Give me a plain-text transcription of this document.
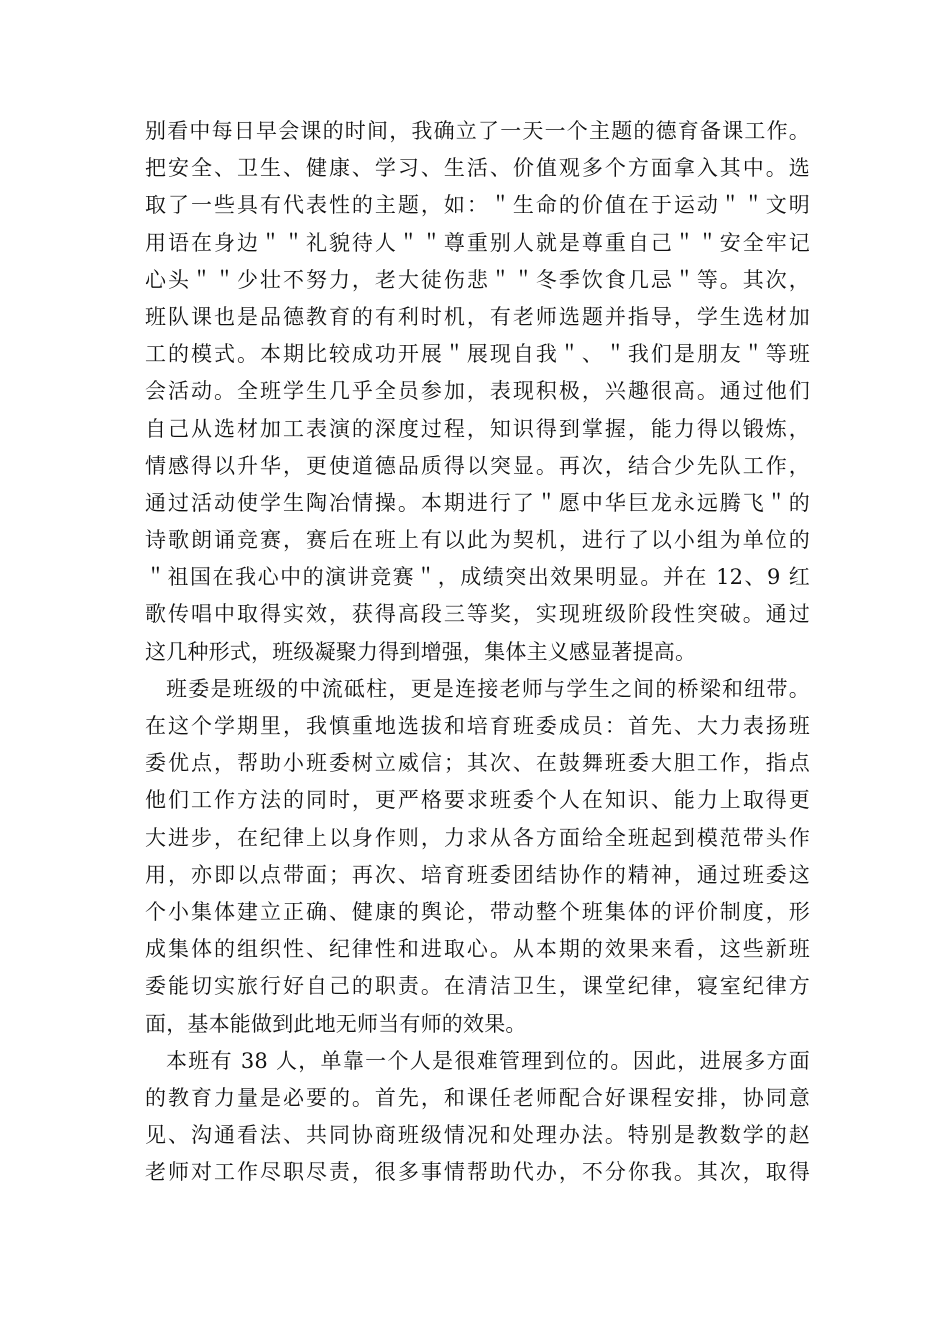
别看中每日早会课的时间，我确立了一天一个主题的德育备课工作。
把安全、卫生、健康、学习、生活、价值观多个方面拿入其中。选
取了一些具有代表性的主题，如：＂生命的价值在于运动＂＂文明
用语在身边＂＂礼貌待人＂＂尊重别人就是尊重自己＂＂安全牢记
心头＂＂少壮不努力，老大徒伤悲＂＂冬季饮食几忌＂等。其次，
班队课也是品德教育的有利时机，有老师选题并指导，学生选材加
工的模式。本期比较成功开展＂展现自我＂、＂我们是朋友＂等班
会活动。全班学生几乎全员参加，表现积极，兴趣很高。通过他们
自己从选材加工表演的深度过程，知识得到掌握，能力得以锻炼，
情感得以升华，更使道德品质得以突显。再次，结合少先队工作，
通过活动使学生陶冶情操。本期进行了＂愿中华巨龙永远腾飞＂的
诗歌朗诵竞赛，赛后在班上有以此为契机，进行了以小组为单位的
＂祖国在我心中的演讲竞赛＂，成绩突出效果明显。并在 12、9 红
歌传唱中取得实效，获得高段三等奖，实现班级阶段性突破。通过
这几种形式，班级凝聚力得到增强，集体主义感显著提高。
班委是班级的中流砥柱，更是连接老师与学生之间的桥梁和纽带。
在这个学期里，我慎重地选拔和培育班委成员：首先、大力表扬班
委优点，帮助小班委树立威信；其次、在鼓舞班委大胆工作，指点
他们工作方法的同时，更严格要求班委个人在知识、能力上取得更
大进步，在纪律上以身作则，力求从各方面给全班起到模范带头作
用，亦即以点带面；再次、培育班委团结协作的精神，通过班委这
个小集体建立正确、健康的舆论，带动整个班集体的评价制度，形
成集体的组织性、纪律性和进取心。从本期的效果来看，这些新班
委能切实旅行好自己的职责。在清洁卫生，课堂纪律，寝室纪律方
面，基本能做到此地无师当有师的效果。
本班有 38 人，单靠一个人是很难管理到位的。因此，进展多方面
的教育力量是必要的。首先，和课任老师配合好课程安排，协同意
见、沟通看法、共同协商班级情况和处理办法。特别是教数学的赵
老师对工作尽职尽责，很多事情帮助代办，不分你我。其次，取得
